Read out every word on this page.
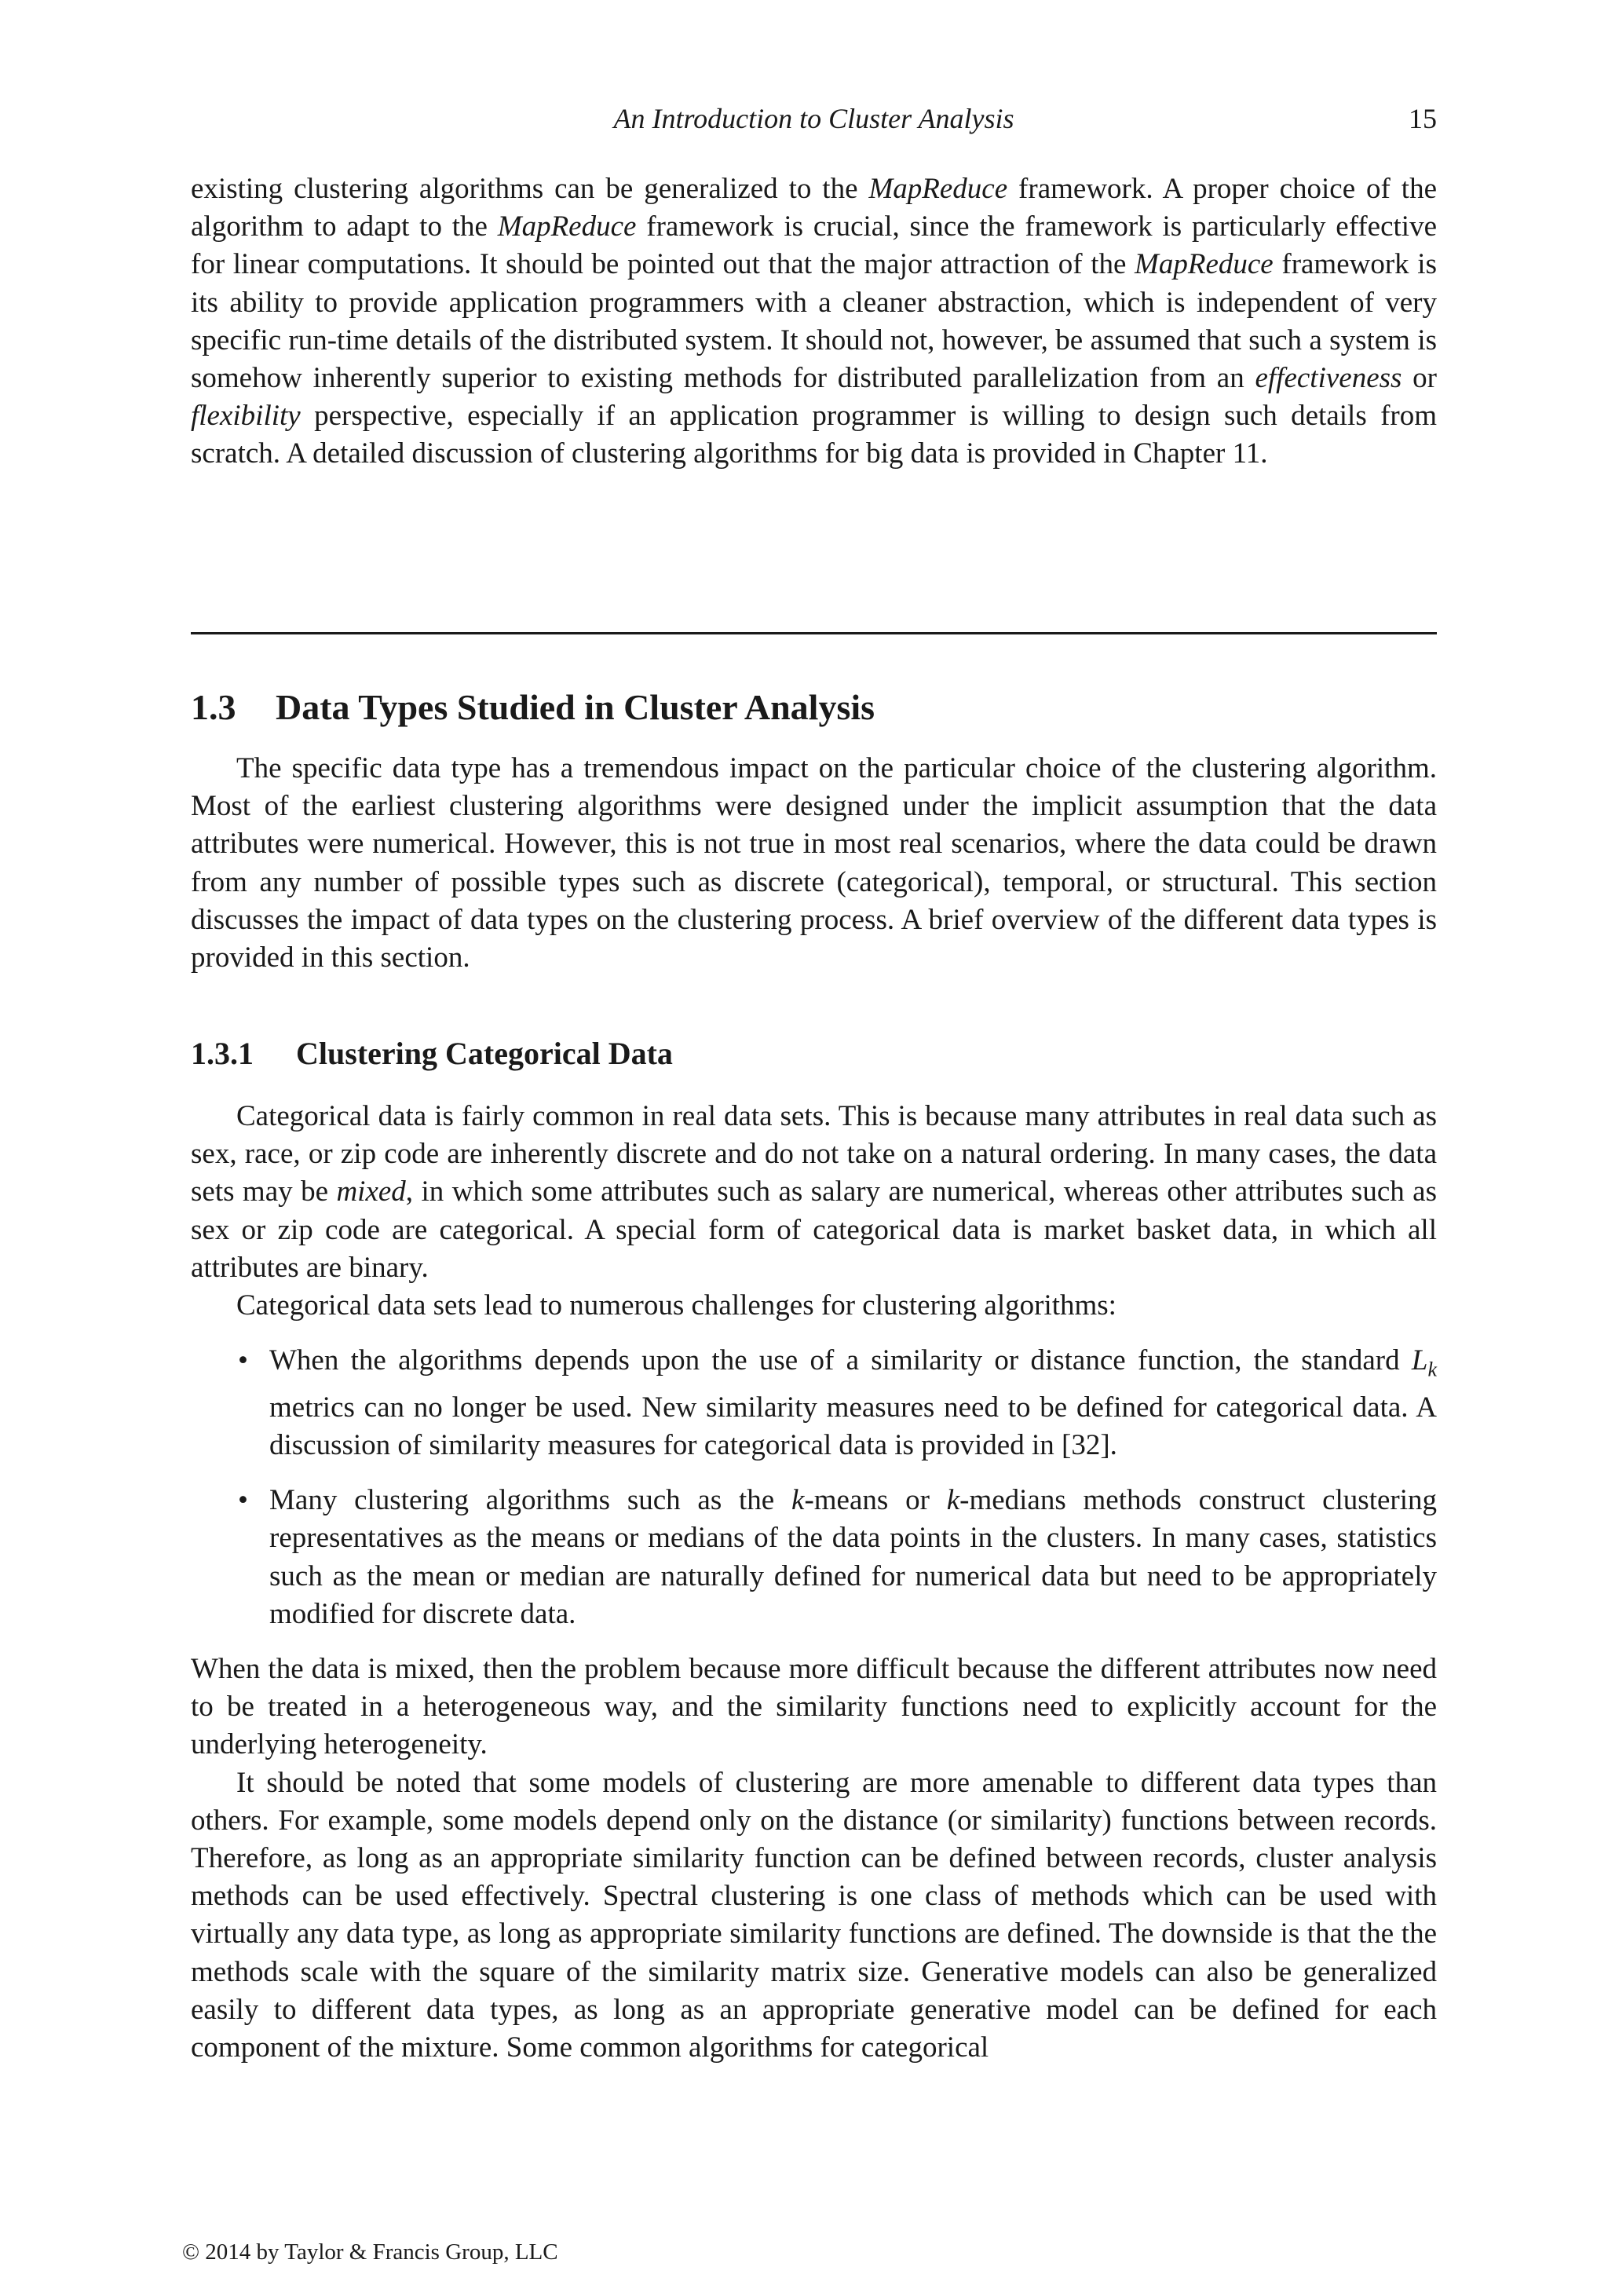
An Introduction to Cluster Analysis	15

existing clustering algorithms can be generalized to the MapReduce framework. A proper choice of the algorithm to adapt to the MapReduce framework is crucial, since the framework is particularly effective for linear computations. It should be pointed out that the major attraction of the MapReduce framework is its ability to provide application programmers with a cleaner abstraction, which is independent of very specific run-time details of the distributed system. It should not, however, be assumed that such a system is somehow inherently superior to existing methods for distributed parallelization from an effectiveness or flexibility perspective, especially if an application programmer is willing to design such details from scratch. A detailed discussion of clustering algorithms for big data is provided in Chapter 11.

1.3 Data Types Studied in Cluster Analysis

The specific data type has a tremendous impact on the particular choice of the clustering algorithm. Most of the earliest clustering algorithms were designed under the implicit assumption that the data attributes were numerical. However, this is not true in most real scenarios, where the data could be drawn from any number of possible types such as discrete (categorical), temporal, or structural. This section discusses the impact of data types on the clustering process. A brief overview of the different data types is provided in this section.

1.3.1 Clustering Categorical Data

Categorical data is fairly common in real data sets. This is because many attributes in real data such as sex, race, or zip code are inherently discrete and do not take on a natural ordering. In many cases, the data sets may be mixed, in which some attributes such as salary are numerical, whereas other attributes such as sex or zip code are categorical. A special form of categorical data is market basket data, in which all attributes are binary.

Categorical data sets lead to numerous challenges for clustering algorithms:

• When the algorithms depends upon the use of a similarity or distance function, the standard $L_k$ metrics can no longer be used. New similarity measures need to be defined for categorical data. A discussion of similarity measures for categorical data is provided in [32].
• Many clustering algorithms such as the k-means or k-medians methods construct clustering representatives as the means or medians of the data points in the clusters. In many cases, statistics such as the mean or median are naturally defined for numerical data but need to be appropriately modified for discrete data.

When the data is mixed, then the problem because more difficult because the different attributes now need to be treated in a heterogeneous way, and the similarity functions need to explicitly account for the underlying heterogeneity.

It should be noted that some models of clustering are more amenable to different data types than others. For example, some models depend only on the distance (or similarity) functions between records. Therefore, as long as an appropriate similarity function can be defined between records, cluster analysis methods can be used effectively. Spectral clustering is one class of methods which can be used with virtually any data type, as long as appropriate similarity functions are defined. The downside is that the the methods scale with the square of the similarity matrix size. Generative models can also be generalized easily to different data types, as long as an appropriate generative model can be defined for each component of the mixture. Some common algorithms for categorical

© 2014 by Taylor & Francis Group, LLC
